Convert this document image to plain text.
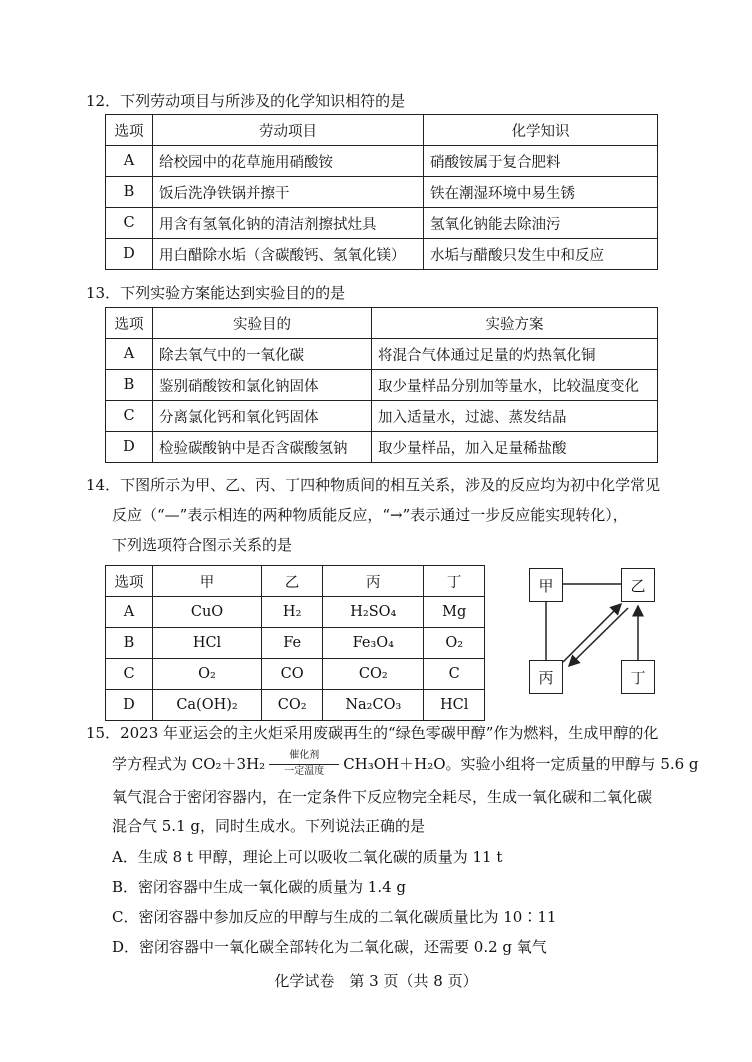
12．下列劳动项目与所涉及的化学知识相符的是
选项	劳动项目	化学知识
A	给校园中的花草施用硝酸铵	硝酸铵属于复合肥料
B	饭后洗净铁锅并擦干	铁在潮湿环境中易生锈
C	用含有氢氧化钠的清洁剂擦拭灶具	氢氧化钠能去除油污
D	用白醋除水垢（含碳酸钙、氢氧化镁）	水垢与醋酸只发生中和反应
13．下列实验方案能达到实验目的的是
选项	实验目的	实验方案
A	除去氧气中的一氧化碳	将混合气体通过足量的灼热氧化铜
B	鉴别硝酸铵和氯化钠固体	取少量样品分别加等量水，比较温度变化
C	分离氯化钙和氧化钙固体	加入适量水，过滤、蒸发结晶
D	检验碳酸钠中是否含碳酸氢钠	取少量样品，加入足量稀盐酸
14．下图所示为甲、乙、丙、丁四种物质间的相互关系，涉及的反应均为初中化学常见
反应（“—”表示相连的两种物质能反应，“→”表示通过一步反应能实现转化），
下列选项符合图示关系的是
选项	甲	乙	丙	丁
A	CuO	H₂	H₂SO₄	Mg
B	HCl	Fe	Fe₃O₄	O₂
C	O₂	CO	CO₂	C
D	Ca(OH)₂	CO₂	Na₂CO₃	HCl
甲	乙
丙	丁
15．2023 年亚运会的主火炬采用废碳再生的“绿色零碳甲醇”作为燃料，生成甲醇的化
学方程式为 $CO_2+3H_2 \frac{\text{催化剂}}{\text{一定温度}} CH_3OH+H_2O$。实验小组将一定质量的甲醇与 5.6 g
氧气混合于密闭容器内，在一定条件下反应物完全耗尽，生成一氧化碳和二氧化碳
混合气 5.1 g，同时生成水。下列说法正确的是
A．生成 8 t 甲醇，理论上可以吸收二氧化碳的质量为 11 t
B．密闭容器中生成一氧化碳的质量为 1.4 g
C．密闭容器中参加反应的甲醇与生成的二氧化碳质量比为 10∶11
D．密闭容器中一氧化碳全部转化为二氧化碳，还需要 0.2 g 氧气
化学试卷　第 3 页（共 8 页）
